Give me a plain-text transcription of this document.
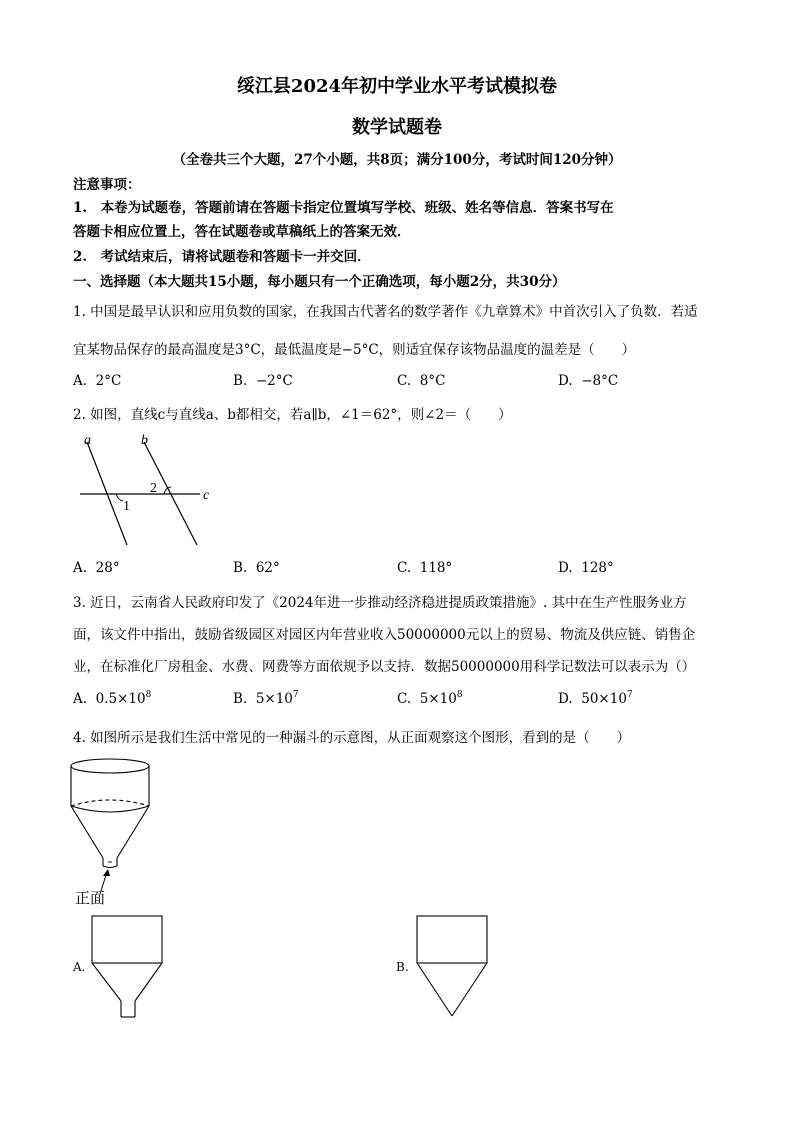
绥江县2024年初中学业水平考试模拟卷
数学试题卷
（全卷共三个大题，27个小题，共8页；满分100分，考试时间120分钟）
注意事项：
1.　本卷为试题卷，答题前请在答题卡指定位置填写学校、班级、姓名等信息．答案书写在
答题卡相应位置上，答在试题卷或草稿纸上的答案无效．
2.　考试结束后，请将试题卷和答题卡一并交回．
一、选择题（本大题共15小题，每小题只有一个正确选项，每小题2分，共30分）
1. 中国是最早认识和应用负数的国家，在我国古代著名的数学著作《九章算术》中首次引入了负数．若适
宜某物品保存的最高温度是3°C，最低温度是−5°C，则适宜保存该物品温度的温差是（　　）
A. 2°C	B. −2°C	C. 8°C	D. −8°C
2. 如图，直线c与直线a、b都相交，若a∥b，∠1＝62°，则∠2＝（　　）
a	b
c
1
2
A. 28°	B. 62°	C. 118°	D. 128°
3. 近日，云南省人民政府印发了《2024年进一步推动经济稳进提质政策措施》. 其中在生产性服务业方
面，该文件中指出，鼓励省级园区对园区内年营业收入50000000元以上的贸易、物流及供应链、销售企
业，在标准化厂房租金、水费、网费等方面依规予以支持．数据50000000用科学记数法可以表示为（）
A. $0.5\times 10^8$	B. $5\times 10^7$	C. $5\times 10^8$	D. $50\times 10^7$
4. 如图所示是我们生活中常见的一种漏斗的示意图，从正面观察这个图形，看到的是（　　）
正面
A.	B.
